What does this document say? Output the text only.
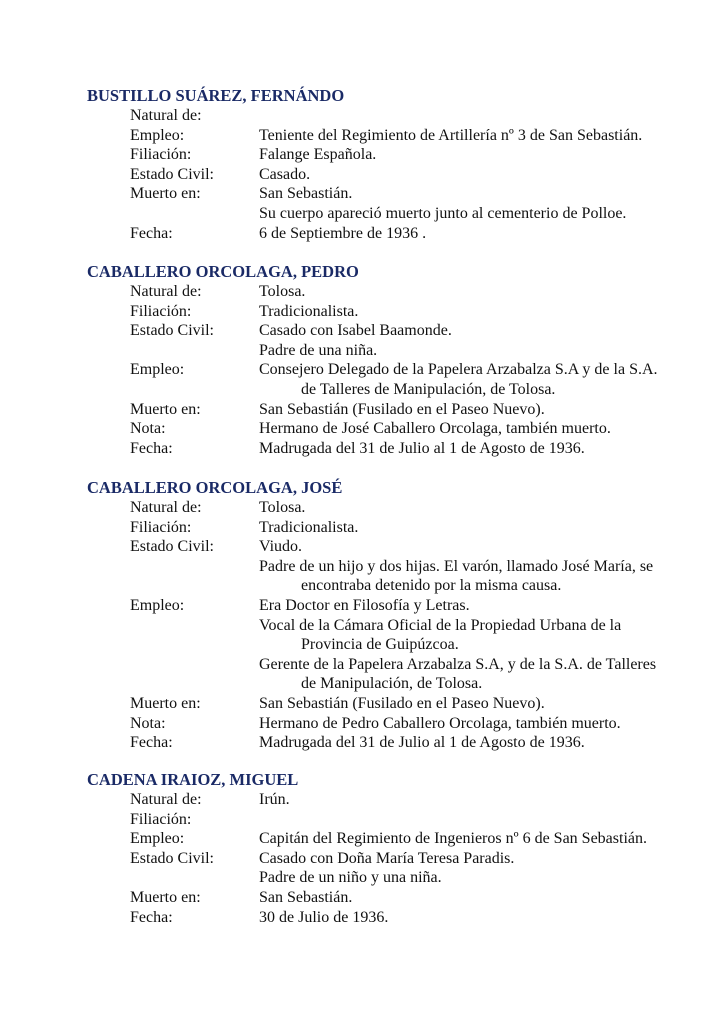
BUSTILLO SUÁREZ, FERNÁNDO
Natural de:
Empleo:	Teniente del Regimiento de Artillería nº 3 de San Sebastián.
Filiación:	Falange Española.
Estado Civil:	Casado.
Muerto en:	San Sebastián.
Su cuerpo apareció muerto junto al cementerio de Polloe.
Fecha:	6 de Septiembre de 1936 .
CABALLERO ORCOLAGA, PEDRO
Natural de:	Tolosa.
Filiación:	Tradicionalista.
Estado Civil:	Casado con Isabel Baamonde.
Padre de una niña.
Empleo:	Consejero Delegado de la Papelera Arzabalza S.A y de la S.A.
de Talleres de Manipulación, de Tolosa.
Muerto en:	San Sebastián (Fusilado en el Paseo Nuevo).
Nota:	Hermano de José Caballero Orcolaga, también muerto.
Fecha:	Madrugada del 31 de Julio al 1 de Agosto de 1936.
CABALLERO ORCOLAGA, JOSÉ
Natural de:	Tolosa.
Filiación:	Tradicionalista.
Estado Civil:	Viudo.
Padre de un hijo y dos hijas. El varón, llamado José María, se
encontraba detenido por la misma causa.
Empleo:	Era Doctor en Filosofía y Letras.
Vocal de la Cámara Oficial de la Propiedad Urbana de la
Provincia de Guipúzcoa.
Gerente de la Papelera Arzabalza S.A, y de la S.A. de Talleres
de Manipulación, de Tolosa.
Muerto en:	San Sebastián (Fusilado en el Paseo Nuevo).
Nota:	Hermano de Pedro Caballero Orcolaga, también muerto.
Fecha:	Madrugada del 31 de Julio al 1 de Agosto de 1936.
CADENA IRAIOZ, MIGUEL
Natural de:	Irún.
Filiación:
Empleo:	Capitán del Regimiento de Ingenieros nº 6 de San Sebastián.
Estado Civil:	Casado con Doña María Teresa Paradis.
Padre de un niño y una niña.
Muerto en:	San Sebastián.
Fecha:	30 de Julio de 1936.
